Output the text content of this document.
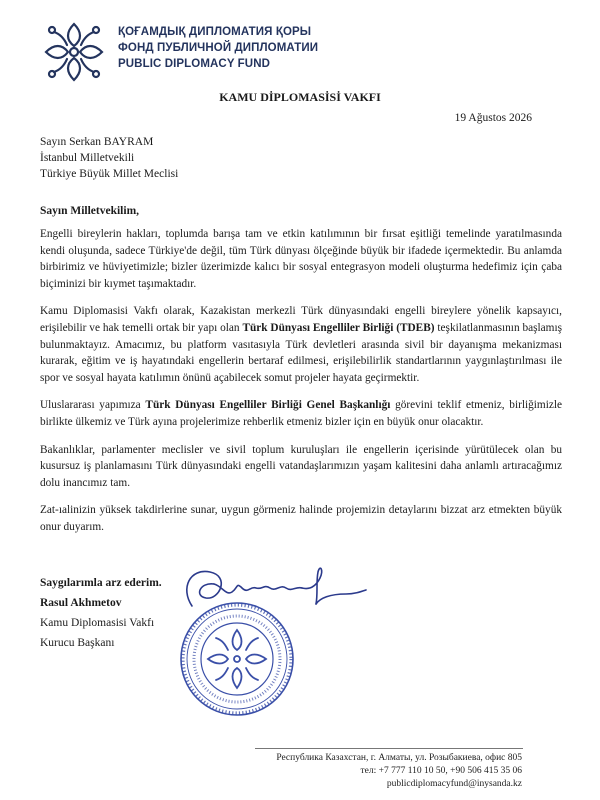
ҚОҒАМДЫҚ ДИПЛОМАТИЯ ҚОРЫ
ФОНД ПУБЛИЧНОЙ ДИПЛОМАТИИ
PUBLIC DIPLOMACY FUND
KAMU DİPLOMASİSİ VAKFI
19 Ağustos 2026
Sayın Serkan BAYRAM
İstanbul Milletvekili
Türkiye Büyük Millet Meclisi
Sayın Milletvekilim,

Engelli bireylerin hakları, toplumda barışa tam ve etkin katılımının bir fırsat eşitliği temelinde yaratılmasında kendi oluşunda, sadece Türkiye'de değil, tüm Türk dünyası ölçeğinde büyük bir ifadede içermektedir. Bu anlamda birbirimiz ve hüviyetimizle; bizler üzerimizde kalıcı bir sosyal entegrasyon modeli oluşturma hedefimiz için çaba biçiminizi bir kıymet taşımaktadır.

Kamu Diplomasisi Vakfı olarak, Kazakistan merkezli Türk dünyasındaki engelli bireylere yönelik kapsayıcı, erişilebilir ve hak temelli ortak bir yapı olan Türk Dünyası Engelliler Birliği (TDEB) teşkilatlanmasının başlamış bulunmaktayız. Amacımız, bu platform vasıtasıyla Türk devletleri arasında sivil bir dayanışma mekanizması kurarak, eğitim ve iş hayatındaki engellerin bertaraf edilmesi, erişilebilirlik standartlarının yaygınlaştırılması ile spor ve sosyal hayata katılımın önünü açabilecek somut projeler hayata geçirmektir.

Uluslararası yapımıza Türk Dünyası Engelliler Birliği Genel Başkanlığı görevini teklif etmeniz, birliğimizle birlikte ülkemiz ve Türk ayına projelerimize rehberlik etmeniz bizler için en büyük onur olacaktır.

Bakanlıklar, parlamenter meclisler ve sivil toplum kuruluşları ile engellerin içerisinde yürütülecek olan bu kusursuz iş planlamasını Türk dünyasındaki engelli vatandaşlarımızın yaşam kalitesini daha anlamlı artıracağımız dolu inancımız tam.

Zat-ıalinizin yüksek takdirlerine sunar, uygun görmeniz halinde projemizin detaylarını bizzat arz etmekten büyük onur duyarım.

Saygılarımla arz ederim.
Rasul Akhmetov
Kamu Diplomasisi Vakfı
Kurucu Başkanı
Республика Казахстан, г. Алматы, ул. Розыбакиева, офис 805
тел: +7 777 110 10 50, +90 506 415 35 06
publicdiplomacyfund@inysanda.kz
